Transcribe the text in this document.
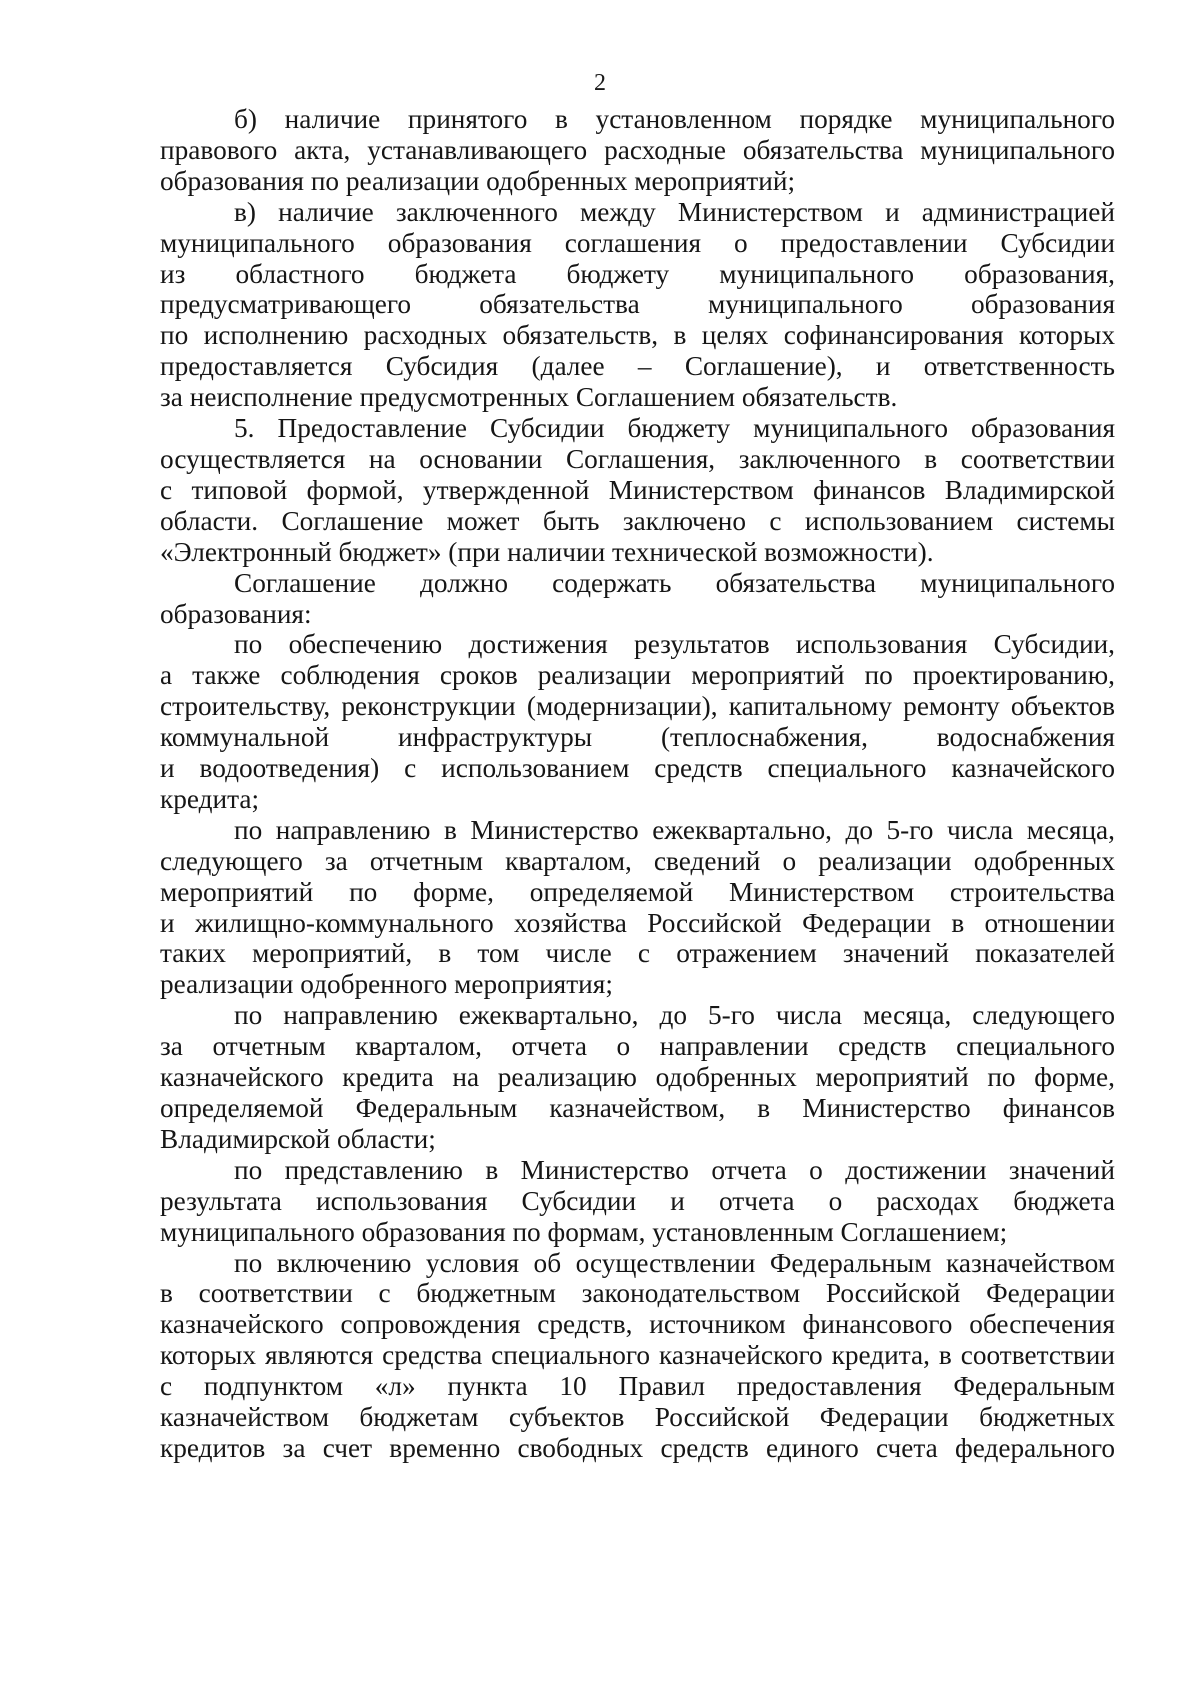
2
б) наличие принятого в установленном порядке муниципального
правового акта, устанавливающего расходные обязательства муниципального
образования по реализации одобренных мероприятий;
в) наличие заключенного между Министерством и администрацией
муниципального образования соглашения о предоставлении Субсидии
из областного бюджета бюджету муниципального образования,
предусматривающего обязательства муниципального образования
по исполнению расходных обязательств, в целях софинансирования которых
предоставляется Субсидия (далее – Соглашение), и ответственность
за неисполнение предусмотренных Соглашением обязательств.
5. Предоставление Субсидии бюджету муниципального образования
осуществляется на основании Соглашения, заключенного в соответствии
с типовой формой, утвержденной Министерством финансов Владимирской
области. Соглашение может быть заключено с использованием системы
«Электронный бюджет» (при наличии технической возможности).
Соглашение должно содержать обязательства муниципального
образования:
по обеспечению достижения результатов использования Субсидии,
а также соблюдения сроков реализации мероприятий по проектированию,
строительству, реконструкции (модернизации), капитальному ремонту объектов
коммунальной инфраструктуры (теплоснабжения, водоснабжения
и водоотведения) с использованием средств специального казначейского
кредита;
по направлению в Министерство ежеквартально, до 5-го числа месяца,
следующего за отчетным кварталом, сведений о реализации одобренных
мероприятий по форме, определяемой Министерством строительства
и жилищно-коммунального хозяйства Российской Федерации в отношении
таких мероприятий, в том числе с отражением значений показателей
реализации одобренного мероприятия;
по направлению ежеквартально, до 5-го числа месяца, следующего
за отчетным кварталом, отчета о направлении средств специального
казначейского кредита на реализацию одобренных мероприятий по форме,
определяемой Федеральным казначейством, в Министерство финансов
Владимирской области;
по представлению в Министерство отчета о достижении значений
результата использования Субсидии и отчета о расходах бюджета
муниципального образования по формам, установленным Соглашением;
по включению условия об осуществлении Федеральным казначейством
в соответствии с бюджетным законодательством Российской Федерации
казначейского сопровождения средств, источником финансового обеспечения
которых являются средства специального казначейского кредита, в соответствии
с подпунктом «л» пункта 10 Правил предоставления Федеральным
казначейством бюджетам субъектов Российской Федерации бюджетных
кредитов за счет временно свободных средств единого счета федерального
